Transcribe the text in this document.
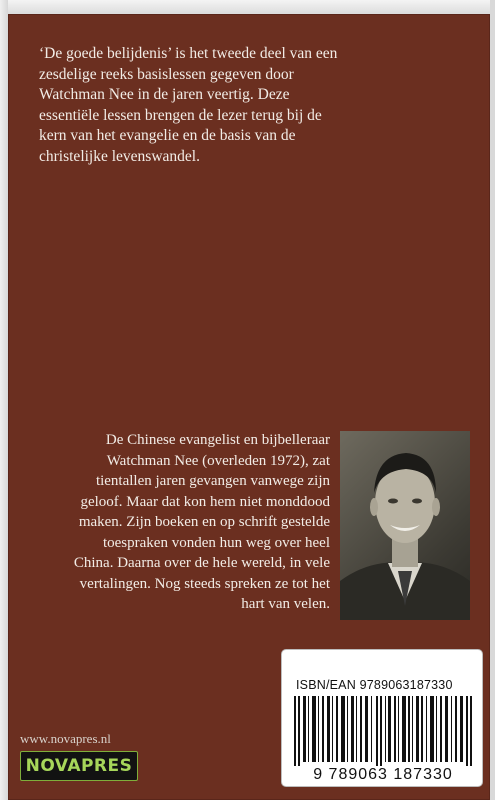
‘De goede belijdenis’ is het tweede deel van een
zesdelige reeks basislessen gegeven door
Watchman Nee in de jaren veertig. Deze
essentiële lessen brengen de lezer terug bij de
kern van het evangelie en de basis van de
christelijke levenswandel.

De Chinese evangelist en bijbelleraar
Watchman Nee (overleden 1972), zat
tientallen jaren gevangen vanwege zijn
geloof. Maar dat kon hem niet monddood
maken. Zijn boeken en op schrift gestelde
toespraken vonden hun weg over heel
China. Daarna over de hele wereld, in vele
vertalingen. Nog steeds spreken ze tot het
hart van velen.

ISBN/EAN 9789063187330
9 789063 187330
www.novapres.nl
NOVAPRES
